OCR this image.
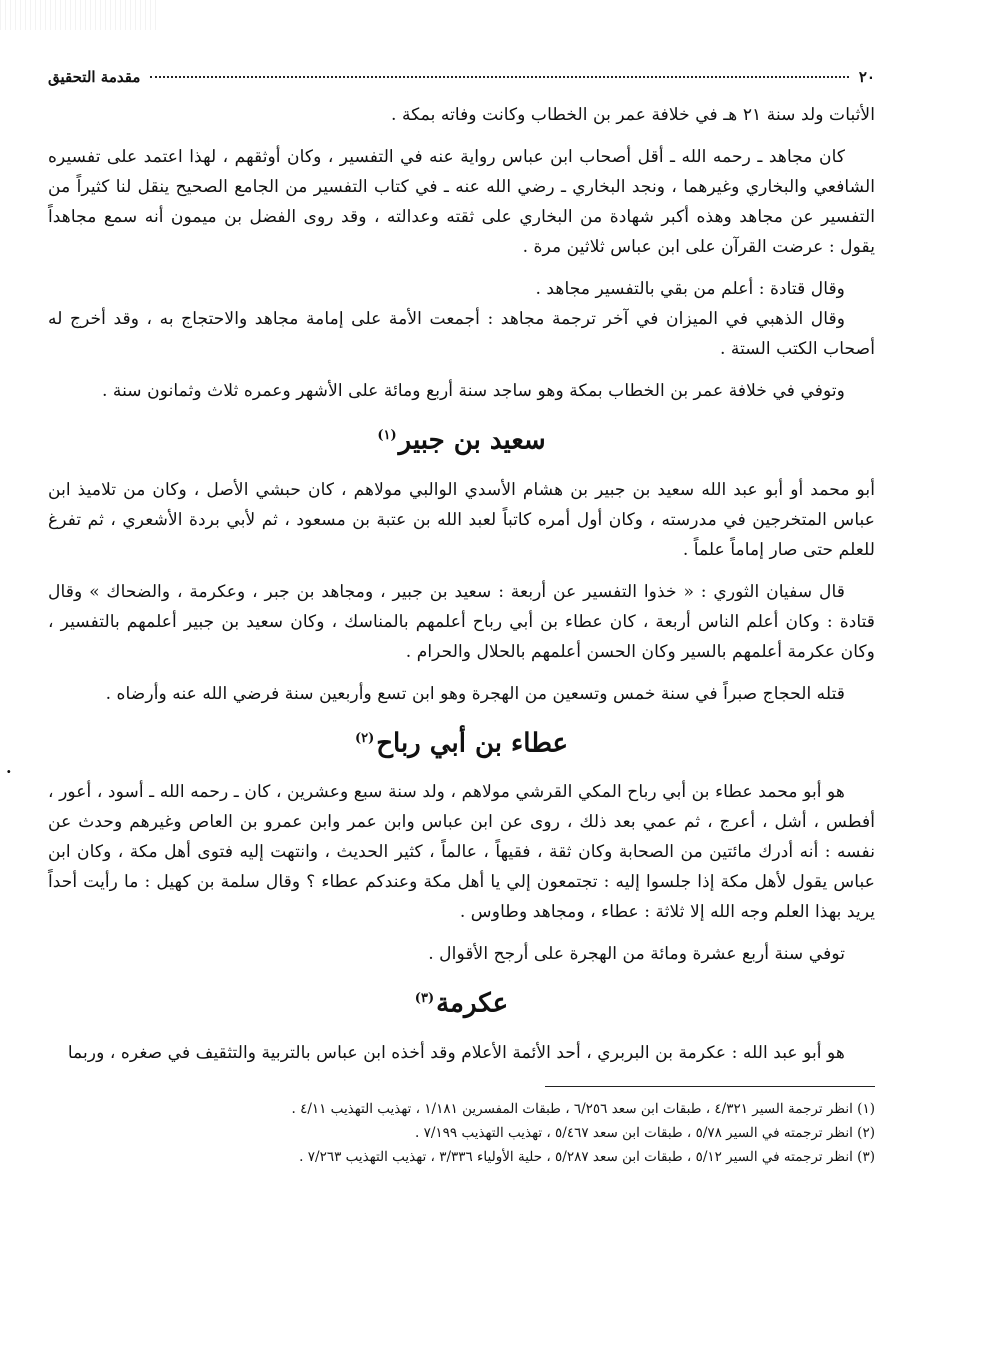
٢٠
مقدمة التحقيق

الأثبات ولد سنة ٢١ هـ في خلافة عمر بن الخطاب وكانت وفاته بمكة .

كان مجاهد ـ رحمه الله ـ أقل أصحاب ابن عباس رواية عنه في التفسير ، وكان أوثقهم ، لهذا اعتمد على تفسيره الشافعي والبخاري وغيرهما ، ونجد البخاري ـ رضي الله عنه ـ في كتاب التفسير من الجامع الصحيح ينقل لنا كثيراً من التفسير عن مجاهد وهذه أكبر شهادة من البخاري على ثقته وعدالته ، وقد روى الفضل بن ميمون أنه سمع مجاهداً يقول : عرضت القرآن على ابن عباس ثلاثين مرة .

وقال قتادة : أعلم من بقي بالتفسير مجاهد .

وقال الذهبي في الميزان في آخر ترجمة مجاهد : أجمعت الأمة على إمامة مجاهد والاحتجاج به ، وقد أخرج له أصحاب الكتب الستة .

وتوفي في خلافة عمر بن الخطاب بمكة وهو ساجد سنة أربع ومائة على الأشهر وعمره ثلاث وثمانون سنة .

سعيد بن جبير$^{(١)}$

أبو محمد أو أبو عبد الله سعيد بن جبير بن هشام الأسدي الوالبي مولاهم ، كان حبشي الأصل ، وكان من تلاميذ ابن عباس المتخرجين في مدرسته ، وكان أول أمره كاتباً لعبد الله بن عتبة بن مسعود ، ثم لأبي بردة الأشعري ، ثم تفرغ للعلم حتى صار إماماً علماً .

قال سفيان الثوري : « خذوا التفسير عن أربعة : سعيد بن جبير ، ومجاهد بن جبر ، وعكرمة ، والضحاك » وقال قتادة : وكان أعلم الناس أربعة ، كان عطاء بن أبي رباح أعلمهم بالمناسك ، وكان سعيد بن جبير أعلمهم بالتفسير ، وكان عكرمة أعلمهم بالسير وكان الحسن أعلمهم بالحلال والحرام .

قتله الحجاج صبراً في سنة خمس وتسعين من الهجرة وهو ابن تسع وأربعين سنة فرضي الله عنه وأرضاه .

عطاء بن أبي رباح$^{(٢)}$

هو أبو محمد عطاء بن أبي رباح المكي القرشي مولاهم ، ولد سنة سبع وعشرين ، كان ـ رحمه الله ـ أسود ، أعور ، أفطس ، أشل ، أعرج ، ثم عمي بعد ذلك ، روى عن ابن عباس وابن عمر وابن عمرو بن العاص وغيرهم وحدث عن نفسه : أنه أدرك مائتين من الصحابة وكان ثقة ، فقيهاً ، عالماً ، كثير الحديث ، وانتهت إليه فتوى أهل مكة ، وكان ابن عباس يقول لأهل مكة إذا جلسوا إليه : تجتمعون إلي يا أهل مكة وعندكم عطاء ؟ وقال سلمة بن كهيل : ما رأيت أحداً يريد بهذا العلم وجه الله إلا ثلاثة : عطاء ، ومجاهد وطاوس .

توفي سنة أربع عشرة ومائة من الهجرة على أرجح الأقوال .

عكرمة$^{(٣)}$

هو أبو عبد الله : عكرمة بن البربري ، أحد الأئمة الأعلام وقد أخذه ابن عباس بالتربية والتثقيف في صغره ، وربما

(١) انظر ترجمة السير ٤/٣٢١ ، طبقات ابن سعد ٦/٢٥٦ ، طبقات المفسرين ١/١٨١ ، تهذيب التهذيب ٤/١١ .

(٢) انظر ترجمته في السير ٥/٧٨ ، طبقات ابن سعد ٥/٤٦٧ ، تهذيب التهذيب ٧/١٩٩ .

(٣) انظر ترجمته في السير ٥/١٢ ، طبقات ابن سعد ٥/٢٨٧ ، حلية الأولياء ٣/٣٣٦ ، تهذيب التهذيب ٧/٢٦٣ .

·
